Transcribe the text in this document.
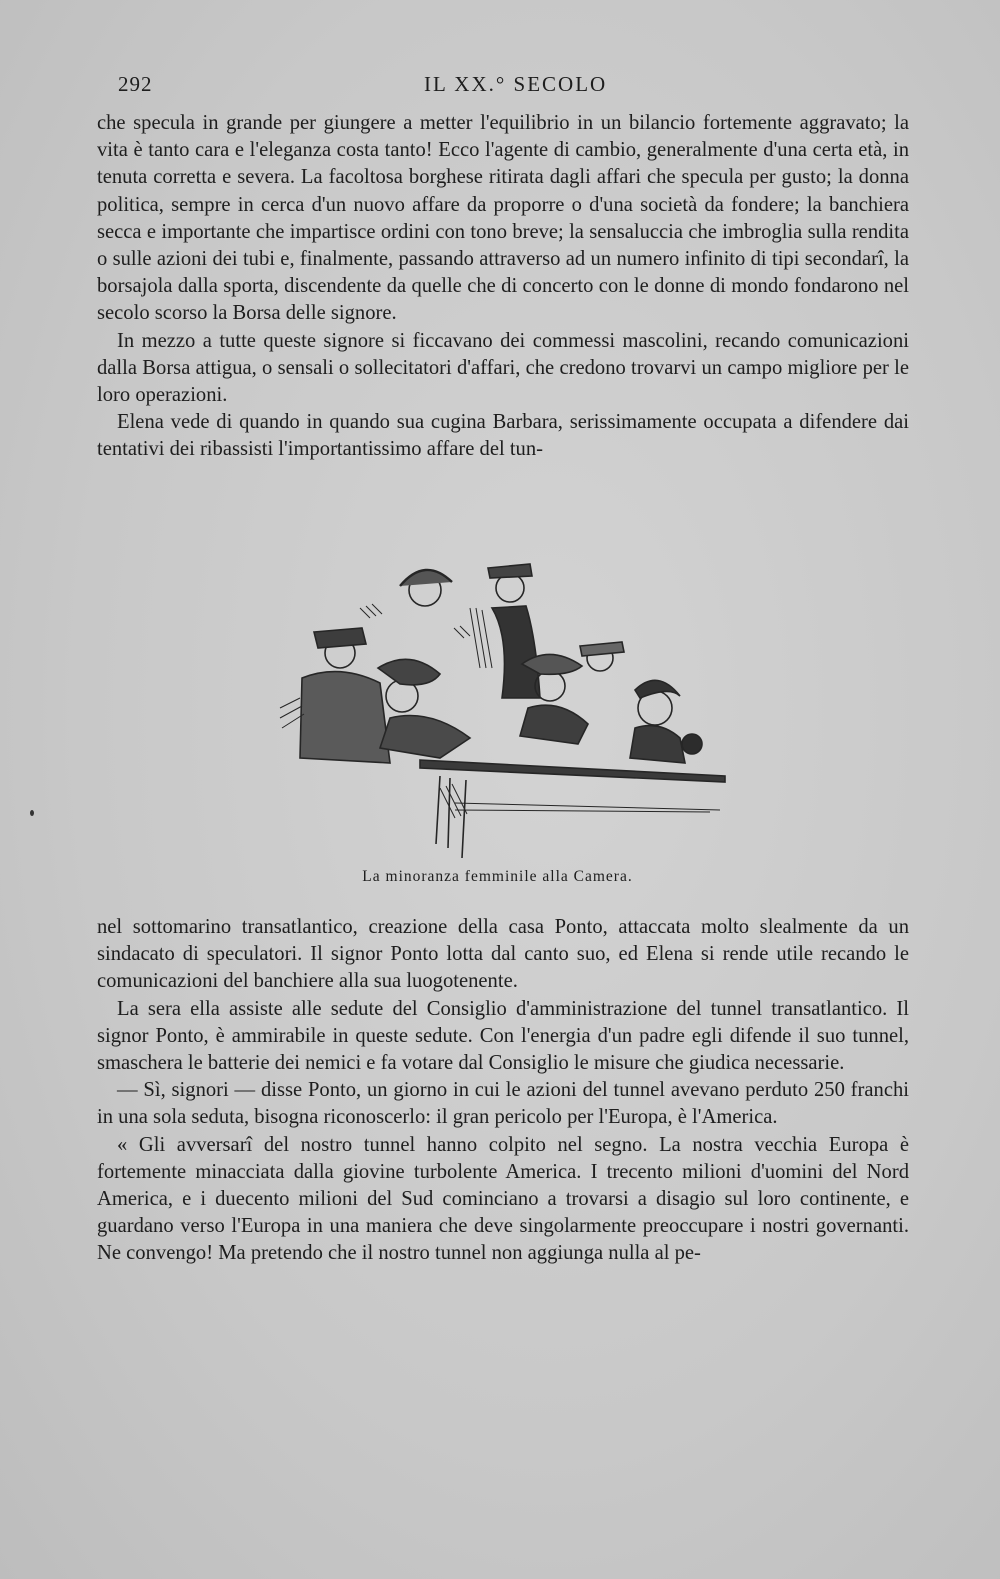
292	IL XX.° SECOLO

che specula in grande per giungere a metter l'equilibrio in un bilancio fortemente aggravato; la vita è tanto cara e l'eleganza costa tanto! Ecco l'agente di cambio, generalmente d'una certa età, in tenuta corretta e severa. La facoltosa borghese ritirata dagli affari che specula per gusto; la donna politica, sempre in cerca d'un nuovo affare da proporre o d'una società da fondere; la banchiera secca e importante che impartisce ordini con tono breve; la sensaluccia che imbroglia sulla rendita o sulle azioni dei tubi e, finalmente, passando attraverso ad un numero infinito di tipi secondarî, la borsajola dalla sporta, discendente da quelle che di concerto con le donne di mondo fondarono nel secolo scorso la Borsa delle signore.

In mezzo a tutte queste signore si ficcavano dei commessi mascolini, recando comunicazioni dalla Borsa attigua, o sensali o sollecitatori d'affari, che credono trovarvi un campo migliore per le loro operazioni.

Elena vede di quando in quando sua cugina Barbara, serissimamente occupata a difendere dai tentativi dei ribassisti l'importantissimo affare del tun-

La minoranza femminile alla Camera.

nel sottomarino transatlantico, creazione della casa Ponto, attaccata molto slealmente da un sindacato di speculatori. Il signor Ponto lotta dal canto suo, ed Elena si rende utile recando le comunicazioni del banchiere alla sua luogotenente.

La sera ella assiste alle sedute del Consiglio d'amministrazione del tunnel transatlantico. Il signor Ponto, è ammirabile in queste sedute. Con l'energia d'un padre egli difende il suo tunnel, smaschera le batterie dei nemici e fa votare dal Consiglio le misure che giudica necessarie.

— Sì, signori — disse Ponto, un giorno in cui le azioni del tunnel avevano perduto 250 franchi in una sola seduta, bisogna riconoscerlo: il gran pericolo per l'Europa, è l'America.

« Gli avversarî del nostro tunnel hanno colpito nel segno. La nostra vecchia Europa è fortemente minacciata dalla giovine turbolente America. I trecento milioni d'uomini del Nord America, e i duecento milioni del Sud cominciano a trovarsi a disagio sul loro continente, e guardano verso l'Europa in una maniera che deve singolarmente preoccupare i nostri governanti. Ne convengo! Ma pretendo che il nostro tunnel non aggiunga nulla al pe-
